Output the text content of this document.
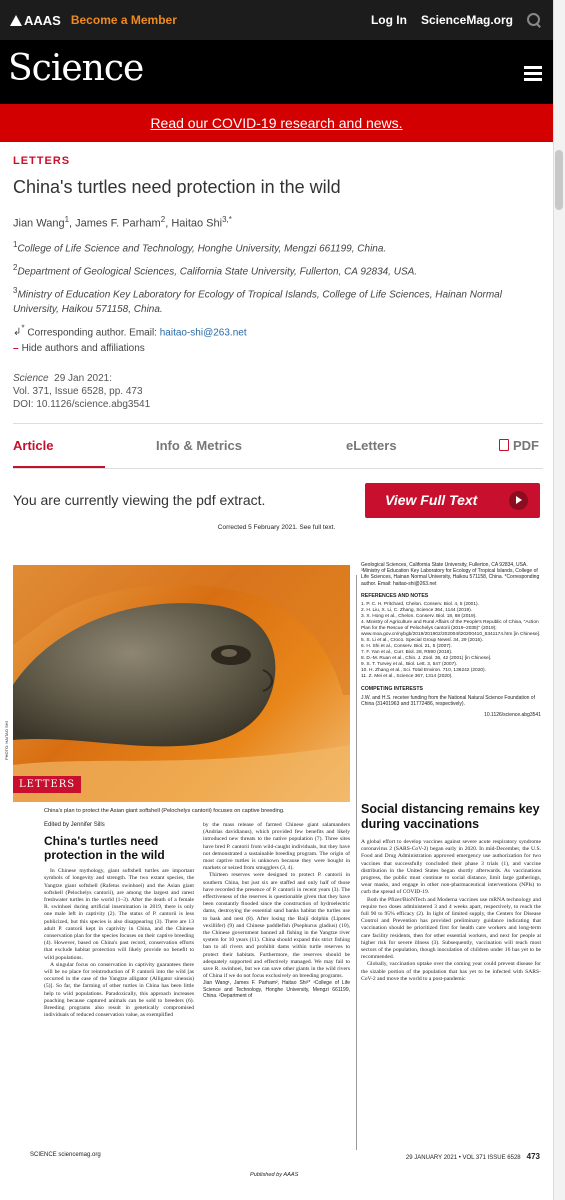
AAAS Become a Member	Log In ScienceMag.org
Science
Read our COVID-19 research and news.
LETTERS
China's turtles need protection in the wild
Jian Wang$^1$, James F. Parham$^2$, Haitao Shi$^{3,*}$
$^1$College of Life Science and Technology, Honghe University, Mengzi 661199, China.
$^2$Department of Geological Sciences, California State University, Fullerton, CA 92834, USA.
$^3$Ministry of Education Key Laboratory for Ecology of Tropical Islands, College of Life Sciences, Hainan Normal University, Haikou 571158, China.
↲* Corresponding author. Email: haitao-shi@263.net
– Hide authors and affiliations
Science 29 Jan 2021:
Vol. 371, Issue 6528, pp. 473
DOI: 10.1126/science.abg3541
Article	Info & Metrics	eLetters	PDF
You are currently viewing the pdf extract.	View Full Text
Corrected 5 February 2021. See full text.
LETTERS
China's plan to protect the Asian giant softshell (Pelochelys cantorii) focuses on captive breeding.
PHOTO: HAITAO SHI
Edited by Jennifer Sills
China's turtles need protection in the wild

In Chinese mythology, giant softshell turtles are important symbols of longevity and strength. The two extant species, the Yangtze giant softshell (Rafetus swinhoei) and the Asian giant softshell (Pelochelys cantorii), are among the largest and rarest freshwater turtles in the world (1–3). After the death of a female R. swinhoei during artificial insemination in 2019, there is only one male left in captivity (2). The status of P. cantorii is less publicized, but this species is also disappearing (3). There are 13 adult P. cantorii kept in captivity in China, and the Chinese conservation plan for the species focuses on their captive breeding (4). However, based on China's past record, conservation efforts that exclude habitat protection will likely provide no benefit to wild populations.

A singular focus on conservation in captivity guarantees there will be no place for reintroduction of P. cantorii into the wild [as occurred in the case of the Yangtze alligator (Alligator sinensis) (5)]. So far, the farming of other turtles in China has been little help to wild populations. Paradoxically, this approach increases poaching because captured animals can be sold to breeders (6). Breeding programs also result in genetically compromised individuals of reduced conservation value, as exemplified

by the mass release of farmed Chinese giant salamanders (Andrias davidianus), which provided few benefits and likely introduced new threats to the native population (7). Three sites have bred P. cantorii from wild-caught individuals, but they have not demonstrated a sustainable breeding program. The origin of most captive turtles is unknown because they were bought in markets or seized from smugglers (3, 4).

Thirteen reserves were designed to protect P. cantorii in southern China, but just six are staffed and only half of those have recorded the presence of P. cantorii in recent years (3). The effectiveness of the reserves is questionable given that they have been constantly flooded since the construction of hydroelectric dams, destroying the essential sand banks habitat the turtles use to bask and nest (8). After losing the Baiji dolphin (Lipotes vexillifer) (9) and Chinese paddlefish (Psephurus gladius) (10), the Chinese government banned all fishing in the Yangtze river system for 10 years (11). China should expand this strict fishing ban to all rivers and prohibit dams within turtle reserves to protect their habitats. Furthermore, the reserves should be adequately supported and effectively managed. We may fail to save R. swinhoei, but we can save other giants in the wild rivers of China if we do not focus exclusively on breeding programs.

Jian Wang¹, James F. Parham², Haitao Shi³* ¹College of Life Science and Technology, Honghe University, Mengzi 661199, China. ²Department of

Geological Sciences, California State University, Fullerton, CA 92834, USA. ³Ministry of Education Key Laboratory for Ecology of Tropical Islands, College of Life Sciences, Hainan Normal University, Haikou 571158, China. *Corresponding author. Email: haitao-shi@263.net
REFERENCES AND NOTES
1. P. C. H. Pritchard, Chelon. Conserv. Biol. 4, 5 (2001).
2. H. Liu, X. Li, C. Zhang, Science 364, 1144 (2019).
3. X. Hong et al., Chelon. Conserv. Biol. 18, 68 (2019).
4. Ministry of Agriculture and Rural Affairs of the People's Republic of China, "Action Plan for the Rescue of Pelochelys cantorii (2019–2035)" (2019); www.moa.gov.cn/nybgb/2019/201902/202004/t20200410_6341174.htm [in Chinese].
5. S. Li et al., Croco. Special Group Newsl. 34, 29 (2015).
6. H. Shi et al., Conserv. Biol. 21, 5 (2007).
7. F. Yan et al., Curr. Biol. 28, R590 (2018).
8. D.-M. Ruan et al., Chin. J. Zool. 36, 42 (2001) [in Chinese].
9. S. T. Turvey et al., Biol. Lett. 3, 547 (2007).
10. H. Zhang et al., Sci. Total Environ. 710, 136242 (2020).
11. Z. Mei et al., Science 367, 1314 (2020).
COMPETING INTERESTS
J.W. and H.S. receive funding from the National Natural Science Foundation of China (31401963 and 31772486, respectively).
10.1126/science.abg3541
Social distancing remains key during vaccinations

A global effort to develop vaccines against severe acute respiratory syndrome coronavirus 2 (SARS-CoV-2) began early in 2020. In mid-December, the U.S. Food and Drug Administration approved emergency use authorization for two vaccines that successfully concluded their phase 3 trials (1), and vaccine distribution in the United States began shortly afterwards. As vaccinations progress, the public must continue to social distance, limit large gatherings, wear masks, and engage in other non-pharmaceutical interventions (NPIs) to curb the spread of COVID-19.

Both the Pfizer/BioNTech and Moderna vaccines use mRNA technology and require two doses administered 3 and 4 weeks apart, respectively, to reach the full 90 to 95% efficacy (2). In light of limited supply, the Centers for Disease Control and Prevention has provided preliminary guidance indicating that vaccination should be prioritized first for health care workers and long-term care facility residents, then for other essential workers, and next for people at higher risk for severe illness (3). Subsequently, vaccination will reach most sectors of the population, though inoculation of children under 16 has yet to be recommended.

Globally, vaccination uptake over the coming year could prevent disease for the sizable portion of the population that has yet to be infected with SARS-CoV-2 and move the world to a post-pandemic

SCIENCE sciencemag.org
Published by AAAS
29 JANUARY 2021 • VOL 371 ISSUE 6528 473
